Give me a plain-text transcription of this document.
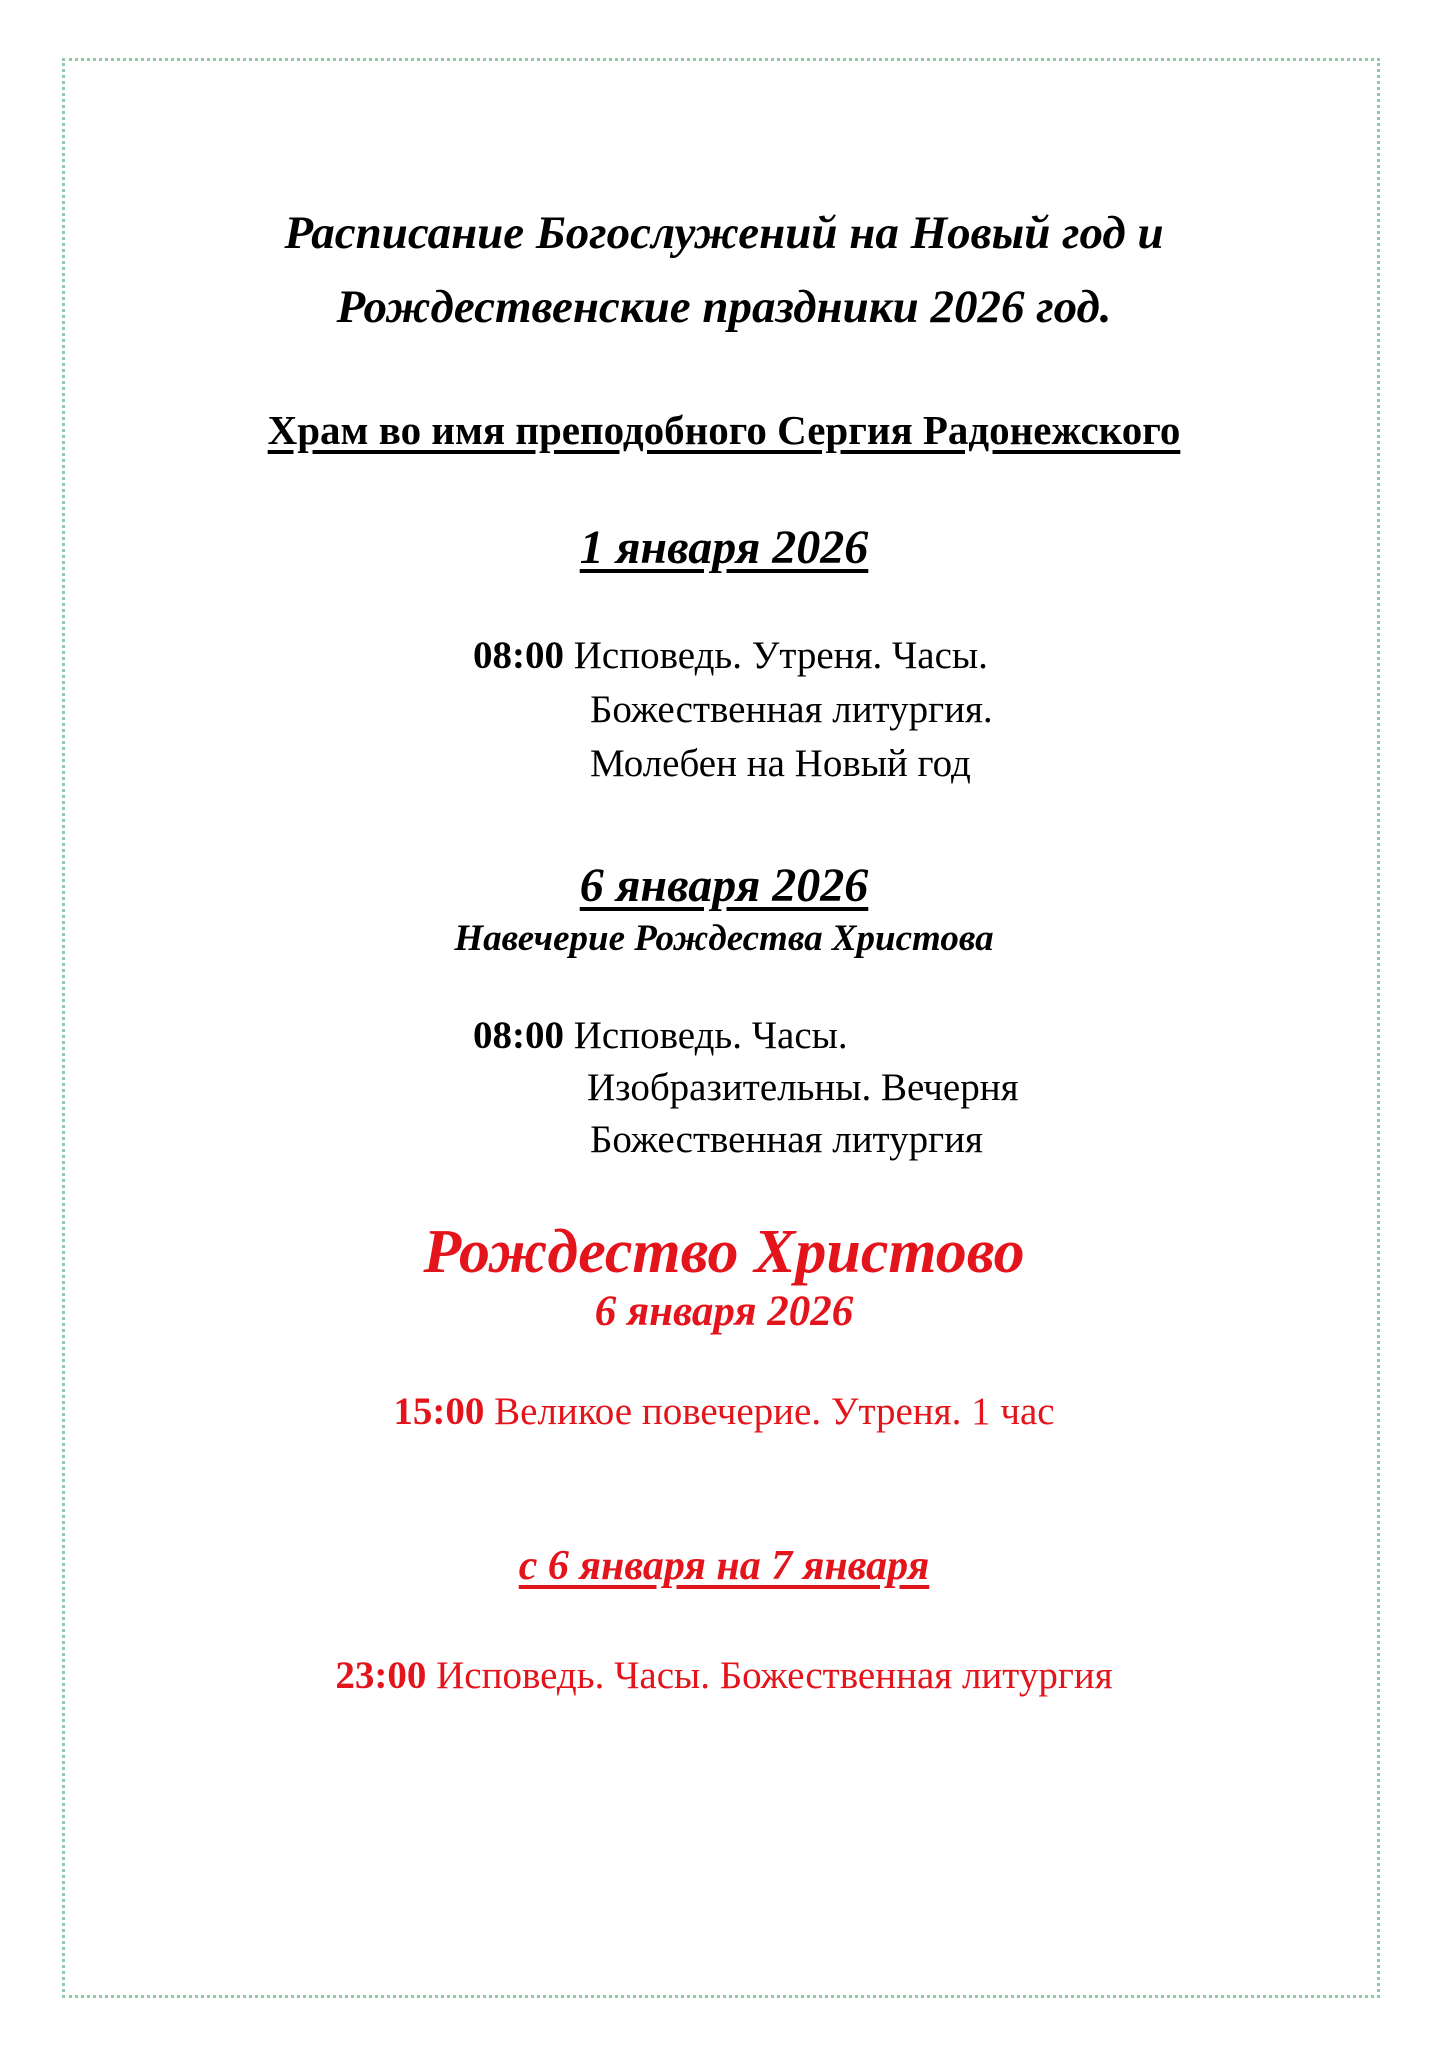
Расписание Богослужений на Новый год и
Рождественские праздники 2026 год.
Храм во имя преподобного Сергия Радонежского
1 января 2026
08:00 Исповедь. Утреня. Часы.
Божественная литургия.
Молебен на Новый год
6 января 2026
Навечерие Рождества Христова
08:00 Исповедь. Часы.
Изобразительны. Вечерня
Божественная литургия
Рождество Христово
6 января 2026
15:00 Великое повечерие. Утреня. 1 час
с 6 января на 7 января
23:00 Исповедь. Часы. Божественная литургия
